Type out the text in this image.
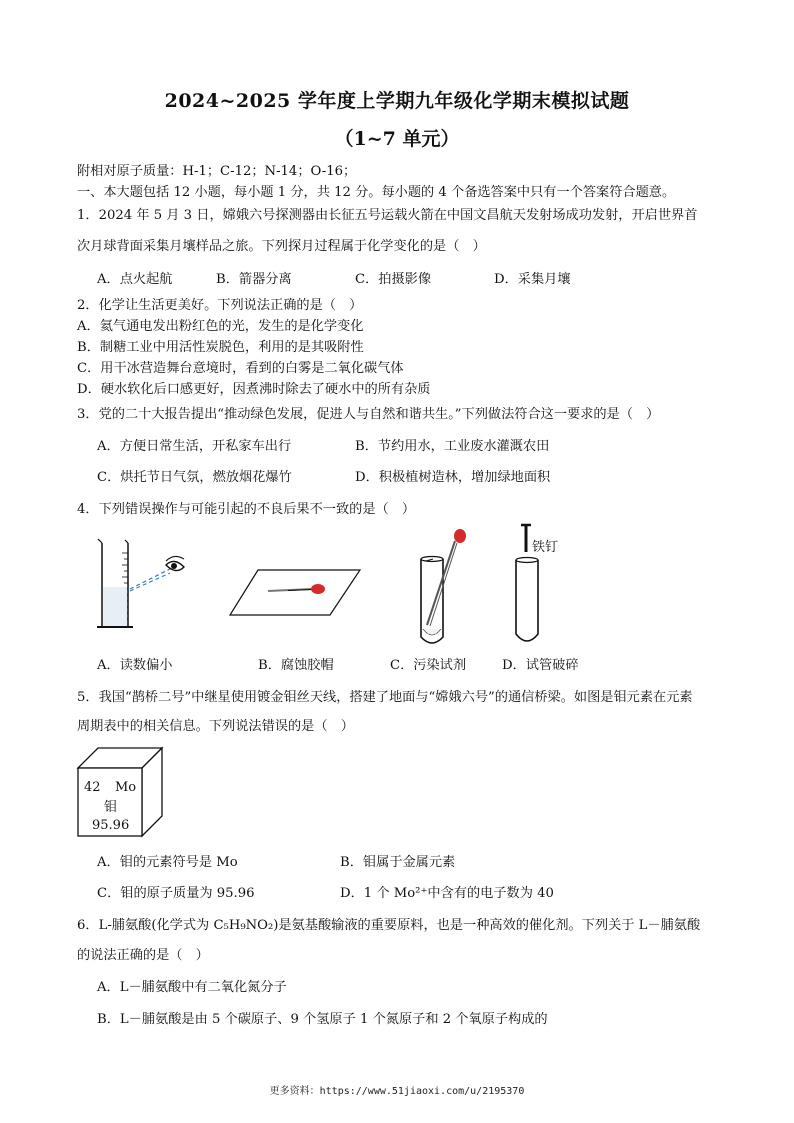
2024~2025 学年度上学期九年级化学期末模拟试题
（1~7 单元）
附相对原子质量：H-1；C-12；N-14；O-16；
一、本大题包括 12 小题，每小题 1 分，共 12 分。每小题的 4 个备选答案中只有一个答案符合题意。
1．2024 年 5 月 3 日，嫦娥六号探测器由长征五号运载火箭在中国文昌航天发射场成功发射，开启世界首
次月球背面采集月壤样品之旅。下列探月过程属于化学变化的是（　）
A．点火起航	B．箭器分离	C．拍摄影像	D．采集月壤
2．化学让生活更美好。下列说法正确的是（　）
A．氦气通电发出粉红色的光，发生的是化学变化
B．制糖工业中用活性炭脱色，利用的是其吸附性
C．用干冰营造舞台意境时，看到的白雾是二氧化碳气体
D．硬水软化后口感更好，因煮沸时除去了硬水中的所有杂质
3．党的二十大报告提出“推动绿色发展，促进人与自然和谐共生。”下列做法符合这一要求的是（　）
A．方便日常生活，开私家车出行	B．节约用水，工业废水灌溉农田
C．烘托节日气氛，燃放烟花爆竹	D．积极植树造林，增加绿地面积
4．下列错误操作与可能引起的不良后果不一致的是（　）
铁钉
A．读数偏小	B．腐蚀胶帽	C．污染试剂	D．试管破碎
5．我国“鹊桥二号”中继星使用镀金钼丝天线，搭建了地面与“嫦娥六号”的通信桥梁。如图是钼元素在元素
周期表中的相关信息。下列说法错误的是（　）
42 Mo
钼
95.96
A．钼的元素符号是 Mo	B．钼属于金属元素
C．钼的原子质量为 95.96	D．1 个 Mo²⁺中含有的电子数为 40
6．L-脯氨酸(化学式为 C₅H₉NO₂)是氨基酸输液的重要原料，也是一种高效的催化剂。下列关于 L－脯氨酸
的说法正确的是（　）
A．L－脯氨酸中有二氧化氮分子
B．L－脯氨酸是由 5 个碳原子、9 个氢原子 1 个氮原子和 2 个氧原子构成的
更多资料：https://www.51jiaoxi.com/u/2195370
